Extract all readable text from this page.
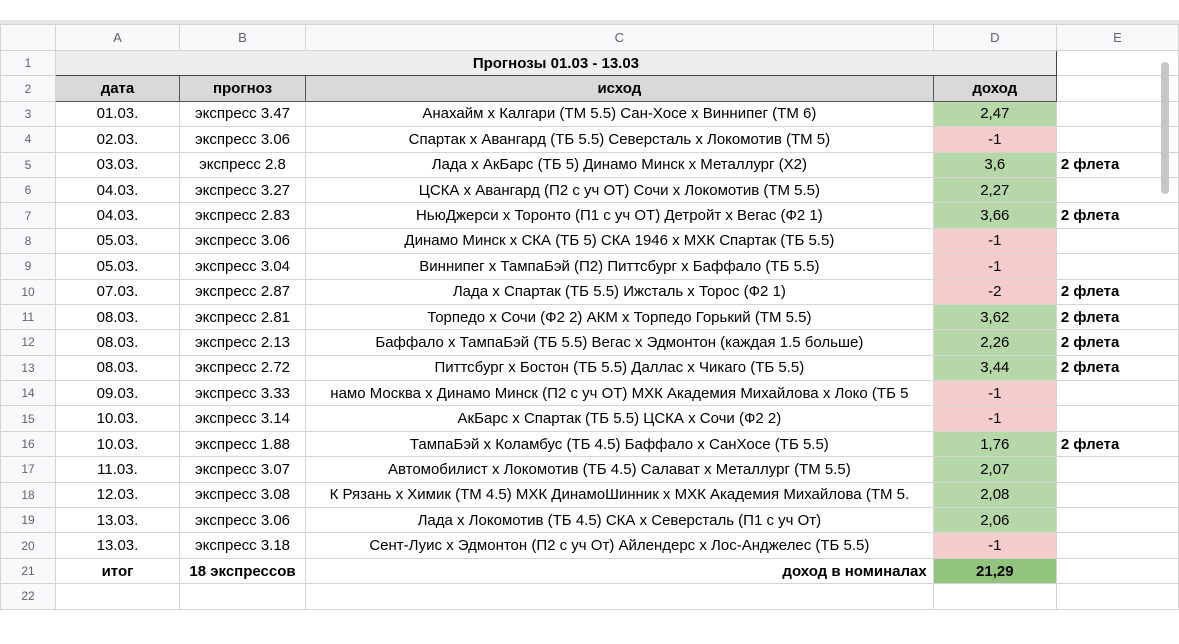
	A	B	C	D	E
1	Прогнозы 01.03 - 13.03				
2	дата	прогноз	исход	доход	
3	01.03.	экспресс 3.47	Анахайм х Калгари (ТМ 5.5) Сан-Хосе х Виннипег (ТМ 6)	2,47	
4	02.03.	экспресс 3.06	Спартак х Авангард (ТБ 5.5) Северсталь х Локомотив (ТМ 5)	-1	
5	03.03.	экспресс 2.8	Лада х АкБарс (ТБ 5) Динамо Минск х Металлург (Х2)	3,6	2 флета
6	04.03.	экспресс 3.27	ЦСКА х Авангард (П2 с уч ОТ) Сочи х Локомотив (ТМ 5.5)	2,27	
7	04.03.	экспресс 2.83	НьюДжерси х Торонто (П1 с уч ОТ) Детройт х Вегас (Ф2 1)	3,66	2 флета
8	05.03.	экспресс 3.06	Динамо Минск х СКА (ТБ 5) СКА 1946 х МХК Спартак (ТБ 5.5)	-1	
9	05.03.	экспресс 3.04	Виннипег х ТампаБэй (П2) Питтсбург х Баффало (ТБ 5.5)	-1	
10	07.03.	экспресс 2.87	Лада х Спартак (ТБ 5.5) Ижсталь х Торос (Ф2 1)	-2	2 флета
11	08.03.	экспресс 2.81	Торпедо х Сочи (Ф2 2) АКМ х Торпедо Горький (ТМ 5.5)	3,62	2 флета
12	08.03.	экспресс 2.13	Баффало х ТампаБэй (ТБ 5.5) Вегас х Эдмонтон (каждая 1.5 больше)	2,26	2 флета
13	08.03.	экспресс 2.72	Питтсбург х Бостон (ТБ 5.5) Даллас х Чикаго (ТБ 5.5)	3,44	2 флета
14	09.03.	экспресс 3.33	намо Москва х Динамо Минск (П2 с уч ОТ) МХК Академия Михайлова х Локо (ТБ 5	-1	
15	10.03.	экспресс 3.14	АкБарс х Спартак (ТБ 5.5) ЦСКА х Сочи (Ф2 2)	-1	
16	10.03.	экспресс 1.88	ТампаБэй х Коламбус (ТБ 4.5) Баффало х СанХосе (ТБ 5.5)	1,76	2 флета
17	11.03.	экспресс 3.07	Автомобилист х Локомотив (ТБ 4.5) Салават х Металлург (ТМ 5.5)	2,07	
18	12.03.	экспресс 3.08	К Рязань х Химик (ТМ 4.5) МХК ДинамоШинник х МХК Академия Михайлова (ТМ 5.	2,08	
19	13.03.	экспресс 3.06	Лада х Локомотив (ТБ 4.5) СКА х Северсталь (П1 с уч От)	2,06	
20	13.03.	экспресс 3.18	Сент-Луис х Эдмонтон (П2 с уч От) Айлендерс х Лос-Анджелес (ТБ 5.5)	-1	
21	итог	18 экспрессов	доход в номиналах	21,29	
22					
